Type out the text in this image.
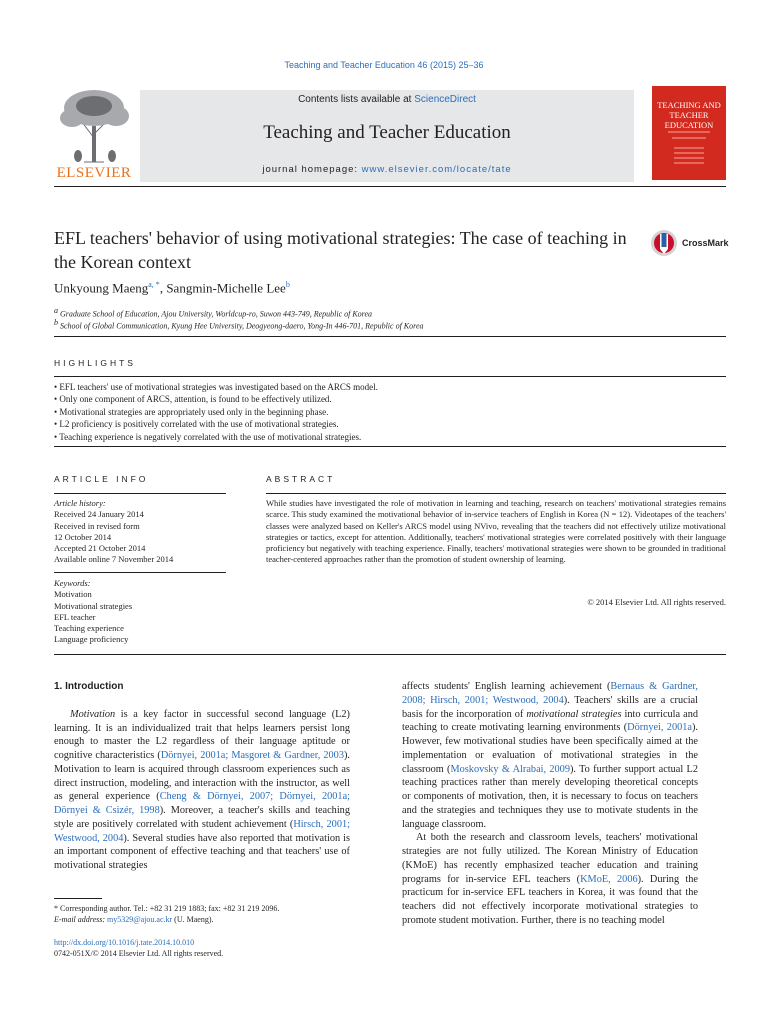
Teaching and Teacher Education 46 (2015) 25–36
ELSEVIER
Contents lists available at ScienceDirect
Teaching and Teacher Education
journal homepage: www.elsevier.com/locate/tate
TEACHING AND TEACHER EDUCATION
EFL teachers' behavior of using motivational strategies: The case of teaching in the Korean context
CrossMark
Unkyoung Maeng$^{a, *}$, Sangmin-Michelle Lee$^b$
$^a$ Graduate School of Education, Ajou University, Worldcup-ro, Suwon 443-749, Republic of Korea
$^b$ School of Global Communication, Kyung Hee University, Deogyeong-daero, Yong-In 446-701, Republic of Korea
HIGHLIGHTS
• EFL teachers' use of motivational strategies was investigated based on the ARCS model.
• Only one component of ARCS, attention, is found to be effectively utilized.
• Motivational strategies are appropriately used only in the beginning phase.
• L2 proficiency is positively correlated with the use of motivational strategies.
• Teaching experience is negatively correlated with the use of motivational strategies.
ARTICLE INFO
Article history:
Received 24 January 2014
Received in revised form
12 October 2014
Accepted 21 October 2014
Available online 7 November 2014
Keywords:
Motivation
Motivational strategies
EFL teacher
Teaching experience
Language proficiency
ABSTRACT
While studies have investigated the role of motivation in learning and teaching, research on teachers' motivational strategies remains scarce. This study examined the motivational behavior of in-service teachers of English in Korea (N = 12). Videotapes of the teachers' classes were analyzed based on Keller's ARCS model using NVivo, revealing that the teachers did not effectively utilize motivational strategies or tactics, except for attention. Additionally, teachers' motivational strategies were correlated positively with their language proficiency but negatively with teaching experience. Finally, teachers' motivational strategies were shown to be grounded in traditional teacher-centered approaches rather than the promotion of student ownership of learning.
© 2014 Elsevier Ltd. All rights reserved.
1. Introduction

Motivation is a key factor in successful second language (L2) learning. It is an individualized trait that helps learners persist long enough to master the L2 regardless of their language aptitude or cognitive characteristics (Dörnyei, 2001a; Masgoret & Gardner, 2003). Motivation to learn is acquired through classroom experiences such as direct instruction, modeling, and interaction with the instructor, as well as general experience (Cheng & Dörnyei, 2007; Dörnyei, 2001a; Dörnyei & Csizér, 1998). Moreover, a teacher's skills and teaching style are positively correlated with student achievement (Hirsch, 2001; Westwood, 2004). Several studies have also reported that motivation is an important component of effective teaching and that teachers' use of motivational strategies

affects students' English learning achievement (Bernaus & Gardner, 2008; Hirsch, 2001; Westwood, 2004). Teachers' skills are a crucial basis for the incorporation of motivational strategies into curricula and teaching to create motivating learning environments (Dörnyei, 2001a). However, few motivational studies have been specifically aimed at the implementation or evaluation of motivational strategies in the classroom (Moskovsky & Alrabai, 2009). To further support actual L2 teaching practices rather than merely developing theoretical concepts or components of motivation, then, it is necessary to focus on teachers and the strategies and techniques they use to motivate students in the language classroom.

At both the research and classroom levels, teachers' motivational strategies are not fully utilized. The Korean Ministry of Education (KMoE) has recently emphasized teacher education and training programs for in-service EFL teachers (KMoE, 2006). During the practicum for in-service EFL teachers in Korea, it was found that the teachers did not effectively incorporate motivational strategies to promote student motivation. Further, there is no teaching model

* Corresponding author. Tel.: +82 31 219 1883; fax: +82 31 219 2096.
E-mail address: my5329@ajou.ac.kr (U. Maeng).
http://dx.doi.org/10.1016/j.tate.2014.10.010
0742-051X/© 2014 Elsevier Ltd. All rights reserved.
